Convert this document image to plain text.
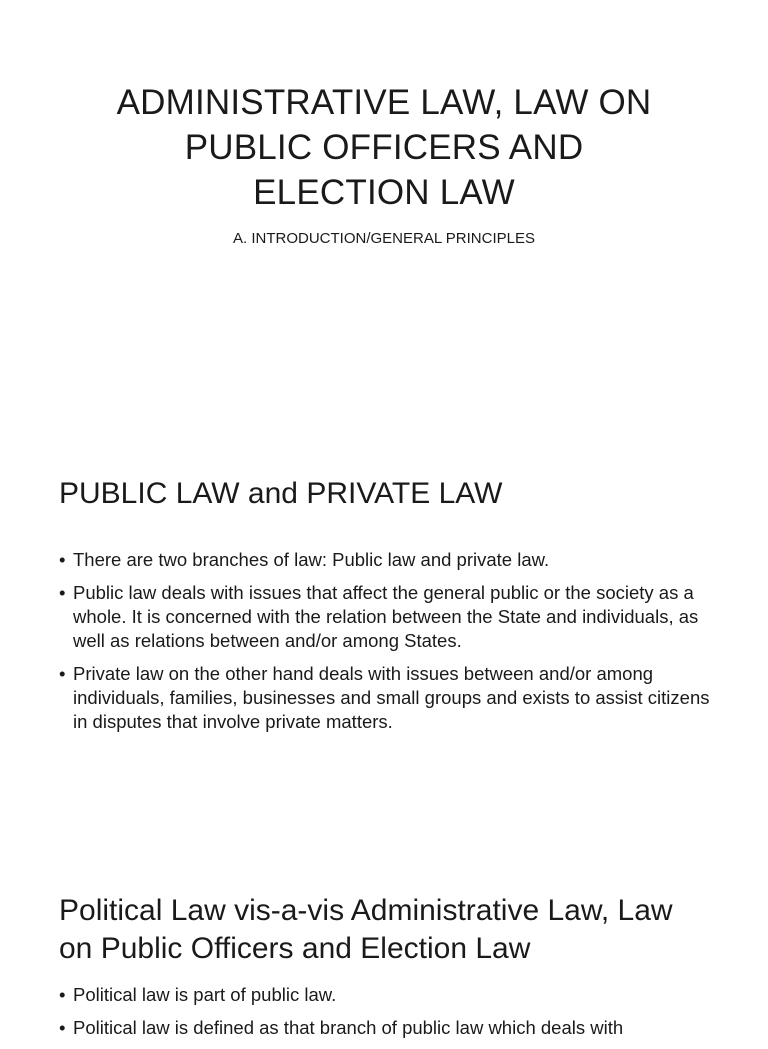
ADMINISTRATIVE LAW, LAW ON
PUBLIC OFFICERS AND
ELECTION LAW
A. INTRODUCTION/GENERAL PRINCIPLES
PUBLIC LAW and PRIVATE LAW
• There are two branches of law: Public law and private law.
• Public law deals with issues that affect the general public or the society as a whole. It is concerned with the relation between the State and individuals, as well as relations between and/or among States.
• Private law on the other hand deals with issues between and/or among individuals, families, businesses and small groups and exists to assist citizens in disputes that involve private matters.
Political Law vis-a-vis Administrative Law, Law
on Public Officers and Election Law
• Political law is part of public law.
• Political law is defined as that branch of public law which deals with
